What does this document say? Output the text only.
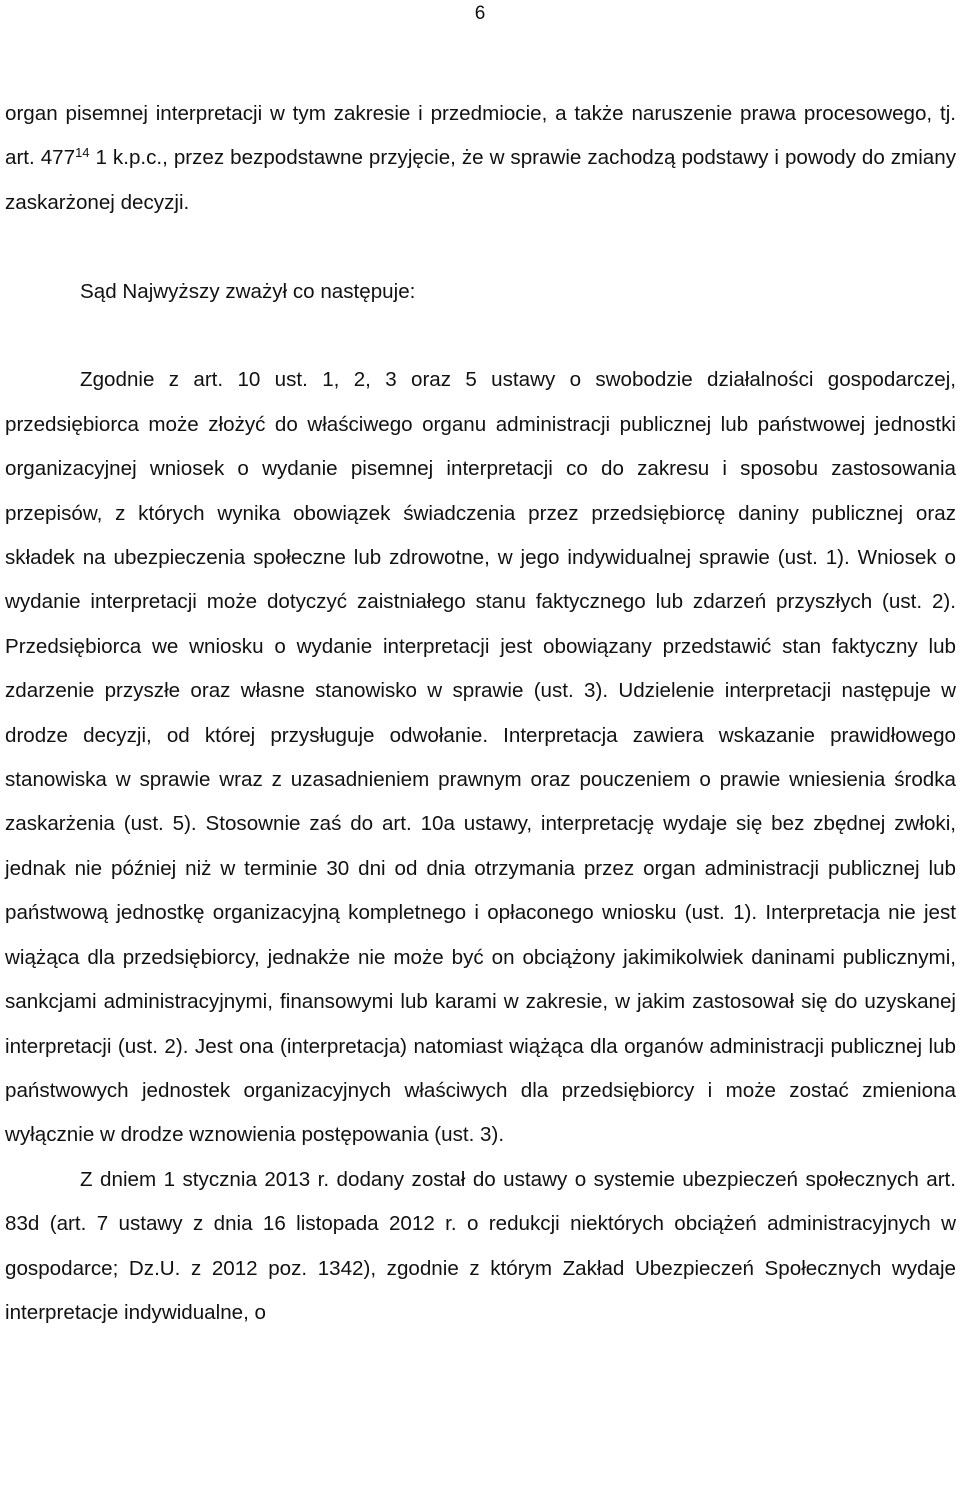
6

organ pisemnej interpretacji w tym zakresie i przedmiocie, a także naruszenie prawa procesowego, tj. art. $477^{14}$ 1 k.p.c., przez bezpodstawne przyjęcie, że w sprawie zachodzą podstawy i powody do zmiany zaskarżonej decyzji.

Sąd Najwyższy zważył co następuje:

Zgodnie z art. 10 ust. 1, 2, 3 oraz 5 ustawy o swobodzie działalności gospodarczej, przedsiębiorca może złożyć do właściwego organu administracji publicznej lub państwowej jednostki organizacyjnej wniosek o wydanie pisemnej interpretacji co do zakresu i sposobu zastosowania przepisów, z których wynika obowiązek świadczenia przez przedsiębiorcę daniny publicznej oraz składek na ubezpieczenia społeczne lub zdrowotne, w jego indywidualnej sprawie (ust. 1). Wniosek o wydanie interpretacji może dotyczyć zaistniałego stanu faktycznego lub zdarzeń przyszłych (ust. 2). Przedsiębiorca we wniosku o wydanie interpretacji jest obowiązany przedstawić stan faktyczny lub zdarzenie przyszłe oraz własne stanowisko w sprawie (ust. 3). Udzielenie interpretacji następuje w drodze decyzji, od której przysługuje odwołanie. Interpretacja zawiera wskazanie prawidłowego stanowiska w sprawie wraz z uzasadnieniem prawnym oraz pouczeniem o prawie wniesienia środka zaskarżenia (ust. 5). Stosownie zaś do art. 10a ustawy, interpretację wydaje się bez zbędnej zwłoki, jednak nie później niż w terminie 30 dni od dnia otrzymania przez organ administracji publicznej lub państwową jednostkę organizacyjną kompletnego i opłaconego wniosku (ust. 1). Interpretacja nie jest wiążąca dla przedsiębiorcy, jednakże nie może być on obciążony jakimikolwiek daninami publicznymi, sankcjami administracyjnymi, finansowymi lub karami w zakresie, w jakim zastosował się do uzyskanej interpretacji (ust. 2). Jest ona (interpretacja) natomiast wiążąca dla organów administracji publicznej lub państwowych jednostek organizacyjnych właściwych dla przedsiębiorcy i może zostać zmieniona wyłącznie w drodze wznowienia postępowania (ust. 3).

Z dniem 1 stycznia 2013 r. dodany został do ustawy o systemie ubezpieczeń społecznych art. 83d (art. 7 ustawy z dnia 16 listopada 2012 r. o redukcji niektórych obciążeń administracyjnych w gospodarce; Dz.U. z 2012 poz. 1342), zgodnie z którym Zakład Ubezpieczeń Społecznych wydaje interpretacje indywidualne, o
